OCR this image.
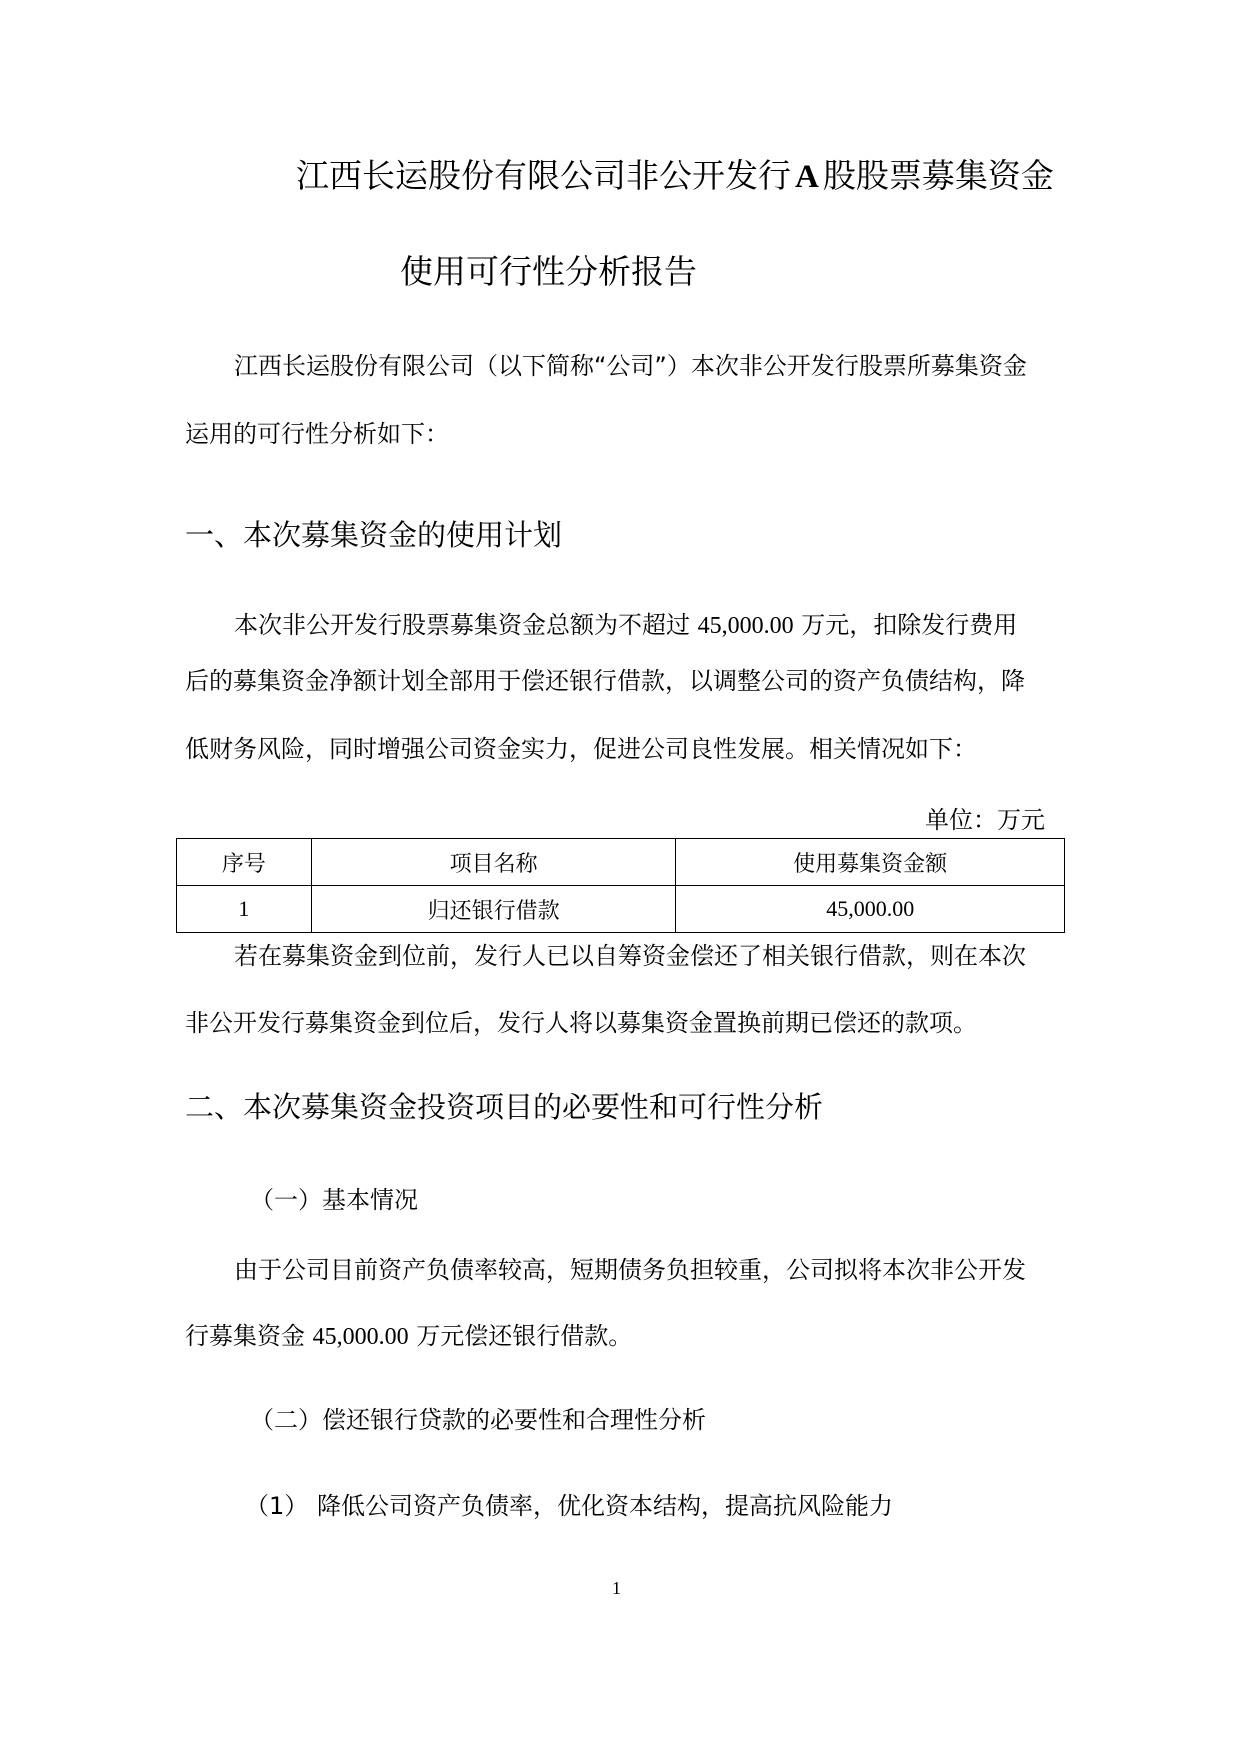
江西长运股份有限公司非公开发行 A 股股票募集资金
使用可行性分析报告
江西长运股份有限公司（以下简称“公司”）本次非公开发行股票所募集资金
运用的可行性分析如下：
一、本次募集资金的使用计划
本次非公开发行股票募集资金总额为不超过 45,000.00 万元，扣除发行费用
后的募集资金净额计划全部用于偿还银行借款，以调整公司的资产负债结构，降
低财务风险，同时增强公司资金实力，促进公司良性发展。相关情况如下：
单位：万元
序号	项目名称	使用募集资金额
1	归还银行借款	45,000.00
若在募集资金到位前，发行人已以自筹资金偿还了相关银行借款，则在本次
非公开发行募集资金到位后，发行人将以募集资金置换前期已偿还的款项。
二、本次募集资金投资项目的必要性和可行性分析
（一）基本情况
由于公司目前资产负债率较高，短期债务负担较重，公司拟将本次非公开发
行募集资金 45,000.00 万元偿还银行借款。
（二）偿还银行贷款的必要性和合理性分析
（1） 降低公司资产负债率，优化资本结构，提高抗风险能力
1
